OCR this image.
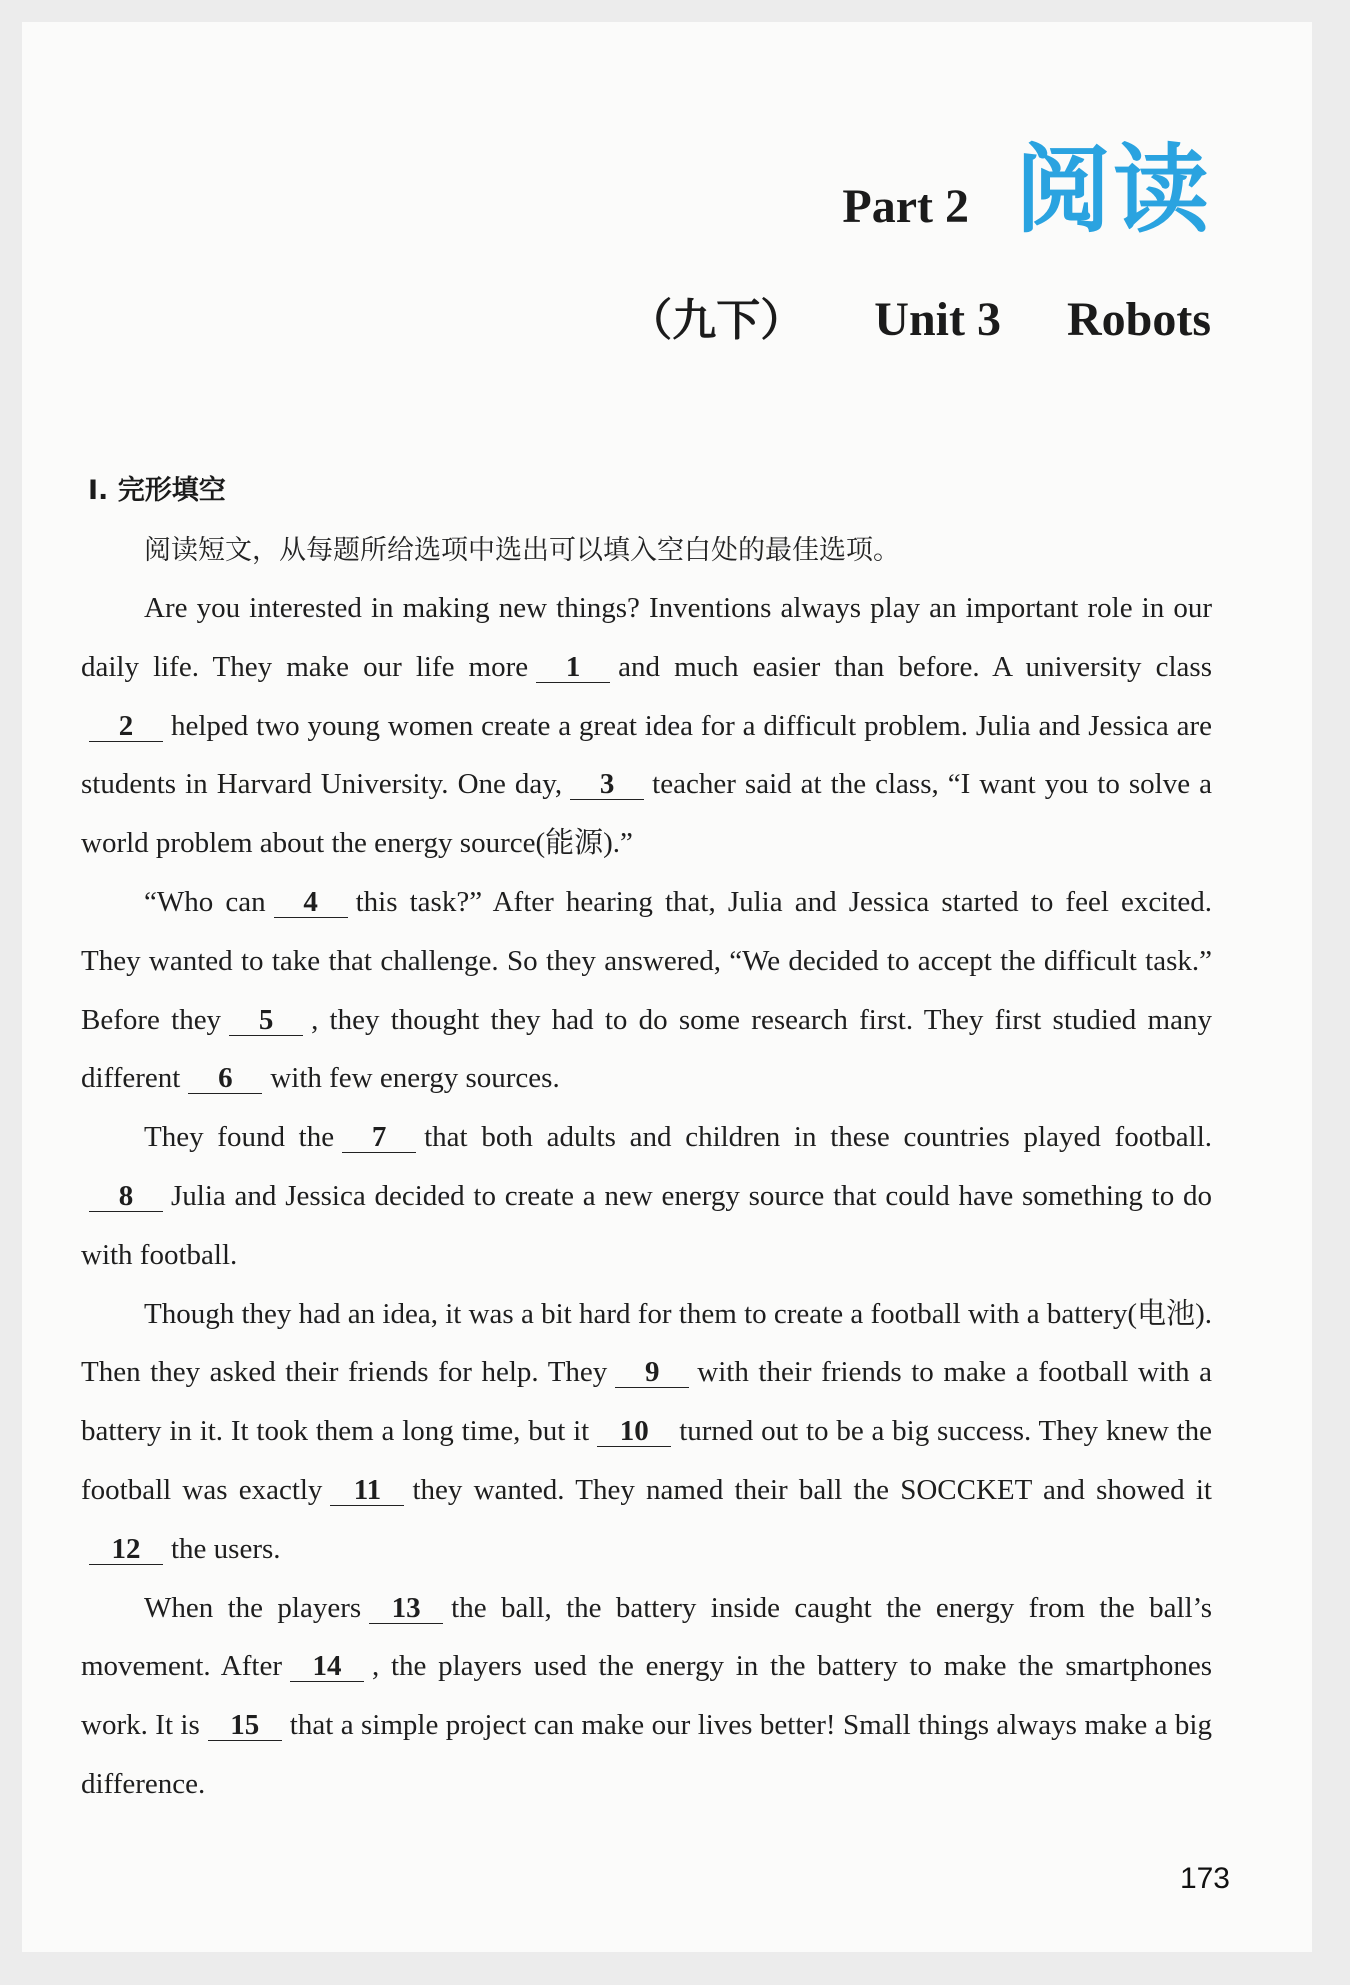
Part 2 阅读
（九下） Unit 3 Robots
Ⅰ. 完形填空
阅读短文，从每题所给选项中选出可以填入空白处的最佳选项。

Are you interested in making new things? Inventions always play an important role in our daily life. They make our life more 1 and much easier than before. A university class2 helped two young women create a great idea for a difficult problem. Julia and Jessica are students in Harvard University. One day, 3 teacher said at the class, “I want you to solve a world problem about the energy source(能源).”

“Who can 4 this task?” After hearing that, Julia and Jessica started to feel excited. They wanted to take that challenge. So they answered, “We decided to accept the difficult task.” Before they 5 , they thought they had to do some research first. They first studied many different 6 with few energy sources.

They found the 7 that both adults and children in these countries played football.8 Julia and Jessica decided to create a new energy source that could have something to do with football.

Though they had an idea, it was a bit hard for them to create a football with a battery(电池). Then they asked their friends for help. They 9 with their friends to make a football with a battery in it. It took them a long time, but it 10 turned out to be a big success. They knew the football was exactly 11 they wanted. They named their ball the SOCCKET and showed it12 the users.

When the players 13 the ball, the battery inside caught the energy from the ball’s movement. After 14 , the players used the energy in the battery to make the smartphones work. It is 15 that a simple project can make our lives better! Small things always make a big difference.

173
